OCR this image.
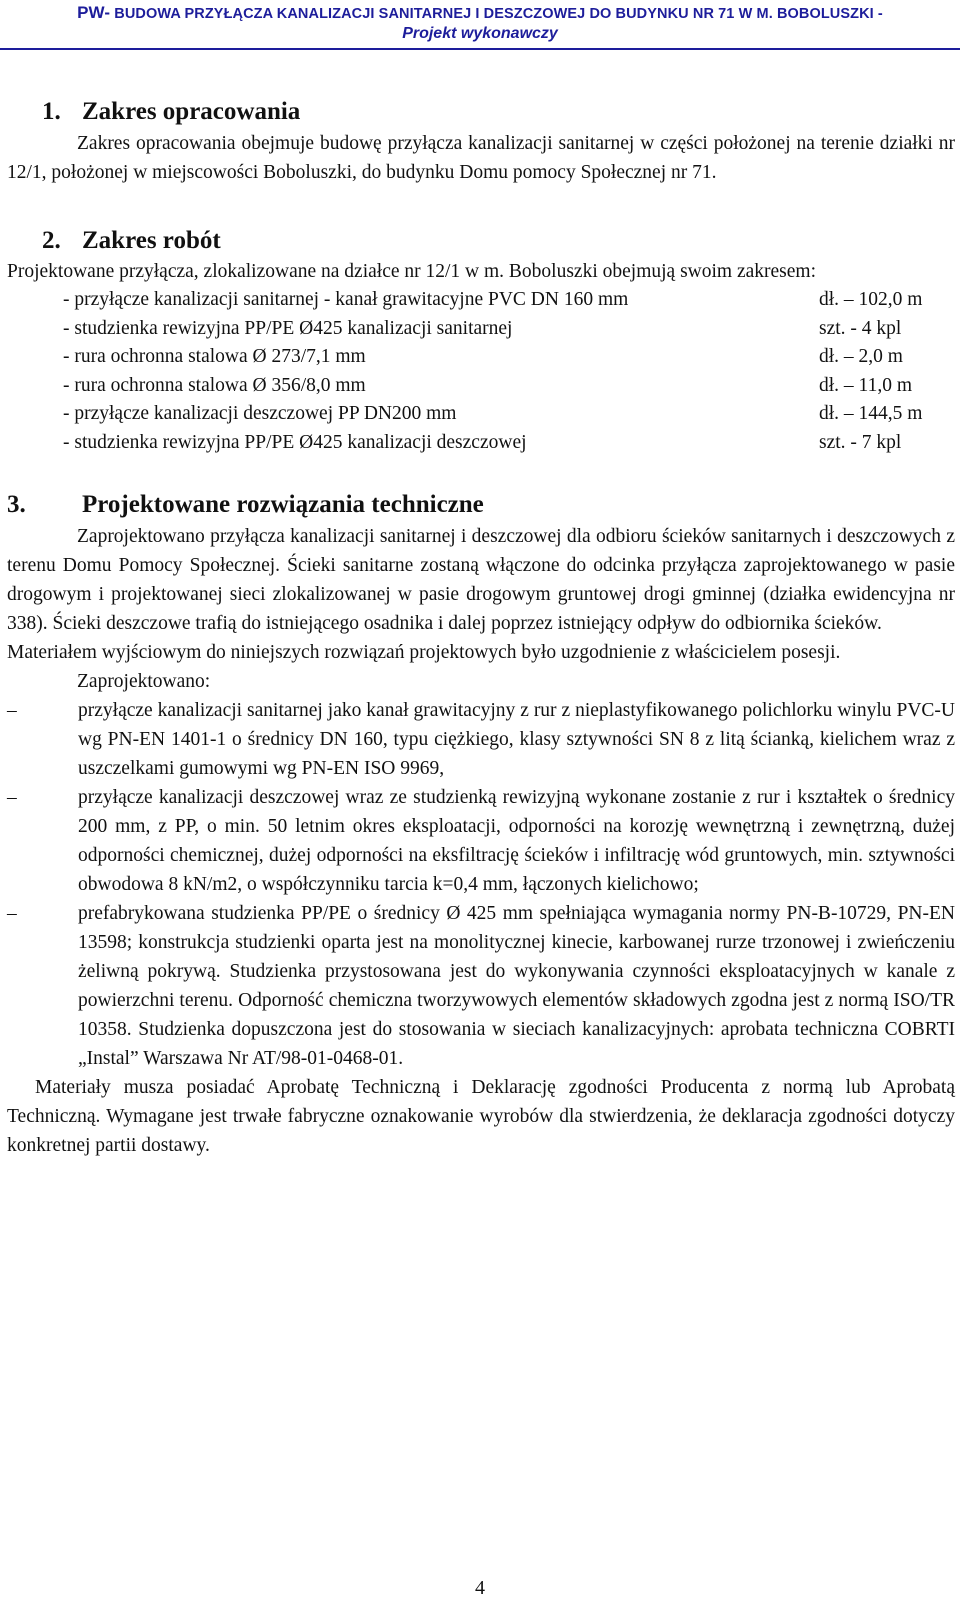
PW- BUDOWA PRZYŁĄCZA KANALIZACJI SANITARNEJ I DESZCZOWEJ DO BUDYNKU NR 71 W M. BOBOLUSZKI -
Projekt wykonawczy
1. Zakres opracowania

Zakres opracowania obejmuje budowę przyłącza kanalizacji sanitarnej w części położonej na terenie działki nr 12/1, położonej w miejscowości Boboluszki, do budynku Domu pomocy Społecznej nr 71.

2. Zakres robót

Projektowane przyłącza, zlokalizowane na działce nr 12/1 w m. Boboluszki obejmują swoim zakresem:

- przyłącze kanalizacji sanitarnej - kanał grawitacyjne PVC DN 160 mm	dł. – 102,0 m
- studzienka rewizyjna PP/PE Ø425 kanalizacji sanitarnej	szt. - 4 kpl
- rura ochronna stalowa Ø 273/7,1 mm	dł. – 2,0 m
- rura ochronna stalowa Ø 356/8,0 mm	dł. – 11,0 m
- przyłącze kanalizacji deszczowej PP DN200 mm	dł. – 144,5 m
- studzienka rewizyjna PP/PE Ø425 kanalizacji deszczowej	szt. - 7 kpl
3. Projektowane rozwiązania techniczne

Zaprojektowano przyłącza kanalizacji sanitarnej i deszczowej dla odbioru ścieków sanitarnych i deszczowych z terenu Domu Pomocy Społecznej. Ścieki sanitarne zostaną włączone do odcinka przyłącza zaprojektowanego w pasie drogowym i projektowanej sieci zlokalizowanej w pasie drogowym gruntowej drogi gminnej (działka ewidencyjna nr 338). Ścieki deszczowe trafią do istniejącego osadnika i dalej poprzez istniejący odpływ do odbiornika ścieków.

Materiałem wyjściowym do niniejszych rozwiązań projektowych było uzgodnienie z właścicielem posesji.

Zaprojektowano:

–	przyłącze kanalizacji sanitarnej jako kanał grawitacyjny z rur z nieplastyfikowanego polichlorku winylu PVC-U wg PN-EN 1401-1 o średnicy DN 160, typu ciężkiego, klasy sztywności SN 8 z litą ścianką, kielichem wraz z uszczelkami gumowymi wg PN-EN ISO 9969,
–	przyłącze kanalizacji deszczowej wraz ze studzienką rewizyjną wykonane zostanie z rur i kształtek o średnicy 200 mm, z PP, o min. 50 letnim okres eksploatacji, odporności na korozję wewnętrzną i zewnętrzną, dużej odporności chemicznej, dużej odporności na eksfiltrację ścieków i infiltrację wód gruntowych, min. sztywności obwodowa 8 kN/m2, o współczynniku tarcia k=0,4 mm, łączonych kielichowo;
–	prefabrykowana studzienka PP/PE o średnicy Ø 425 mm spełniająca wymagania normy PN-B-10729, PN-EN 13598; konstrukcja studzienki oparta jest na monolitycznej kinecie, karbowanej rurze trzonowej i zwieńczeniu żeliwną pokrywą. Studzienka przystosowana jest do wykonywania czynności eksploatacyjnych w kanale z powierzchni terenu. Odporność chemiczna tworzywowych elementów składowych zgodna jest z normą ISO/TR 10358. Studzienka dopuszczona jest do stosowania w sieciach kanalizacyjnych: aprobata techniczna COBRTI „Instal” Warszawa Nr AT/98-01-0468-01.

Materiały musza posiadać Aprobatę Techniczną i Deklarację zgodności Producenta z normą lub Aprobatą Techniczną. Wymagane jest trwałe fabryczne oznakowanie wyrobów dla stwierdzenia, że deklaracja zgodności dotyczy konkretnej partii dostawy.

4
